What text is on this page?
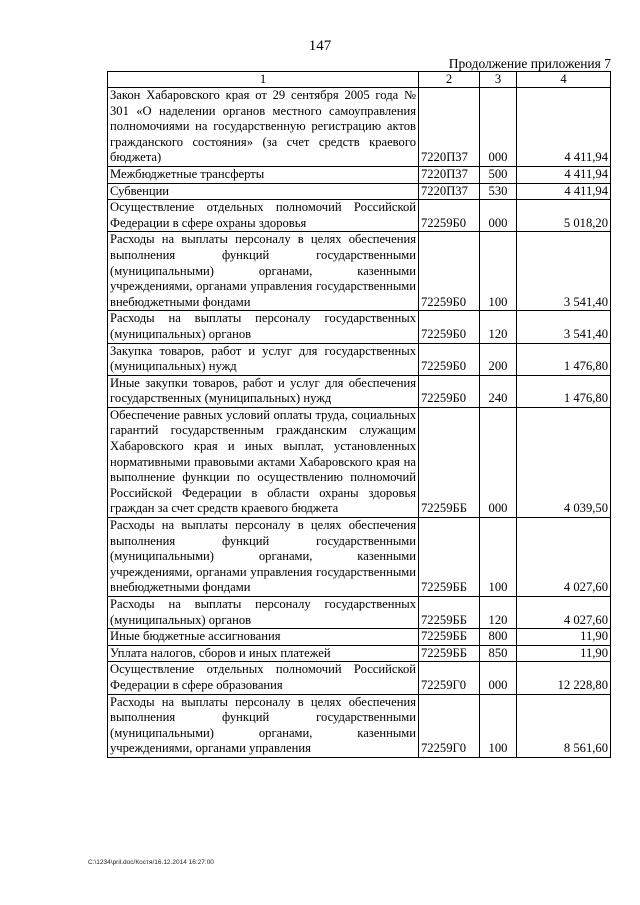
147
Продолжение приложения 7
1	2	3	4
Закон Хабаровского края от 29 сентября 2005 года № 301 «О наделении органов местного самоуправления полномочиями на государственную регистрацию актов гражданского состояния» (за счет средств краевого бюджета)	7220П37	000	4 411,94
Межбюджетные трансферты	7220П37	500	4 411,94
Субвенции	7220П37	530	4 411,94
Осуществление отдельных полномочий Российской Федерации в сфере охраны здоровья	72259Б0	000	5 018,20
Расходы на выплаты персоналу в целях обеспечения выполнения функций государственными (муниципальными) органами, казенными учреждениями, органами управления государственными внебюджетными фондами	72259Б0	100	3 541,40
Расходы на выплаты персоналу государственных (муниципальных) органов	72259Б0	120	3 541,40
Закупка товаров, работ и услуг для государственных (муниципальных) нужд	72259Б0	200	1 476,80
Иные закупки товаров, работ и услуг для обеспечения государственных (муниципальных) нужд	72259Б0	240	1 476,80
Обеспечение равных условий оплаты труда, социальных гарантий государственным гражданским служащим Хабаровского края и иных выплат, установленных нормативными правовыми актами Хабаровского края на выполнение функции по осуществлению полномочий Российской Федерации в области охраны здоровья граждан за счет средств краевого бюджета	72259ББ	000	4 039,50
Расходы на выплаты персоналу в целях обеспечения выполнения функций государственными (муниципальными) органами, казенными учреждениями, органами управления государственными внебюджетными фондами	72259ББ	100	4 027,60
Расходы на выплаты персоналу государственных (муниципальных) органов	72259ББ	120	4 027,60
Иные бюджетные ассигнования	72259ББ	800	11,90
Уплата налогов, сборов и иных платежей	72259ББ	850	11,90
Осуществление отдельных полномочий Российской Федерации в сфере образования	72259Г0	000	12 228,80
Расходы на выплаты персоналу в целях обеспечения выполнения функций государственными (муниципальными) органами, казенными учреждениями, органами управления	72259Г0	100	8 561,60
C:\1234\pril.doc/Костя/16.12.2014 16:27:00
